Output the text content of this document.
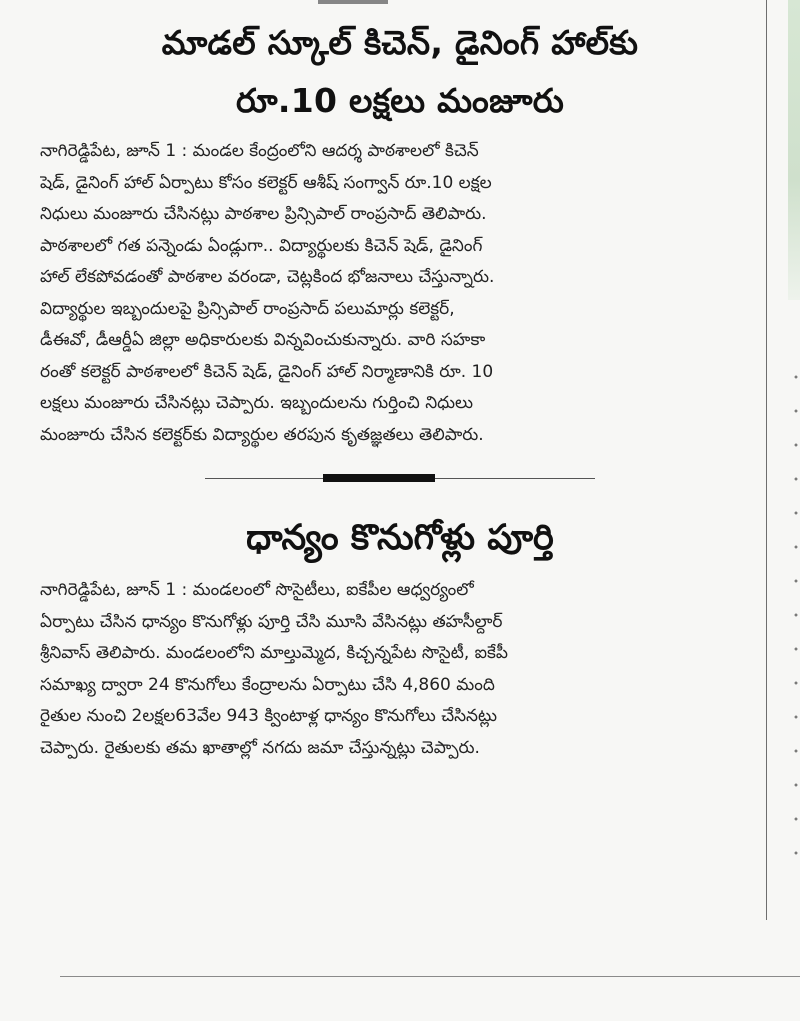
మాడల్ స్కూల్ కిచెన్, డైనింగ్ హాల్‌కు
రూ.10 లక్షలు మంజూరు
నాగిరెడ్డిపేట, జూన్ 1 : మండల కేంద్రంలోని ఆదర్శ పాఠశాలలో కిచెన్
షెడ్, డైనింగ్ హాల్ ఏర్పాటు కోసం కలెక్టర్ ఆశీష్ సంగ్వాన్ రూ.10 లక్షల
నిధులు మంజూరు చేసినట్లు పాఠశాల ప్రిన్సిపాల్ రాంప్రసాద్ తెలిపారు.
పాఠశాలలో గత పన్నెండు ఏండ్లుగా.. విద్యార్థులకు కిచెన్ షెడ్, డైనింగ్
హాల్ లేకపోవడంతో పాఠశాల వరండా, చెట్లకింద భోజనాలు చేస్తున్నారు.
విద్యార్థుల ఇబ్బందులపై ప్రిన్సిపాల్ రాంప్రసాద్ పలుమార్లు కలెక్టర్,
డీఈవో, డీఆర్డీఏ జిల్లా అధికారులకు విన్నవించుకున్నారు. వారి సహకా
రంతో కలెక్టర్ పాఠశాలలో కిచెన్ షెడ్, డైనింగ్ హాల్ నిర్మాణానికి రూ. 10
లక్షలు మంజూరు చేసినట్లు చెప్పారు. ఇబ్బందులను గుర్తించి నిధులు
మంజూరు చేసిన కలెక్టర్‌కు విద్యార్థుల తరపున కృతజ్ఞతలు తెలిపారు.
ధాన్యం కొనుగోళ్లు పూర్తి
నాగిరెడ్డిపేట, జూన్ 1 : మండలంలో సొసైటీలు, ఐకేపీల ఆధ్వర్యంలో
ఏర్పాటు చేసిన ధాన్యం కొనుగోళ్లు పూర్తి చేసి మూసి వేసినట్లు తహసీల్దార్
శ్రీనివాస్ తెలిపారు. మండలంలోని మాల్తుమ్మెద, కిచ్చన్నపేట సొసైటీ, ఐకేపీ
సమాఖ్య ద్వారా 24 కొనుగోలు కేంద్రాలను ఏర్పాటు చేసి 4,860 మంది
రైతుల నుంచి 2లక్షల63వేల 943 క్వింటాళ్ల ధాన్యం కొనుగోలు చేసినట్లు
చెప్పారు. రైతులకు తమ ఖాతాల్లో నగదు జమా చేస్తున్నట్లు చెప్పారు.
